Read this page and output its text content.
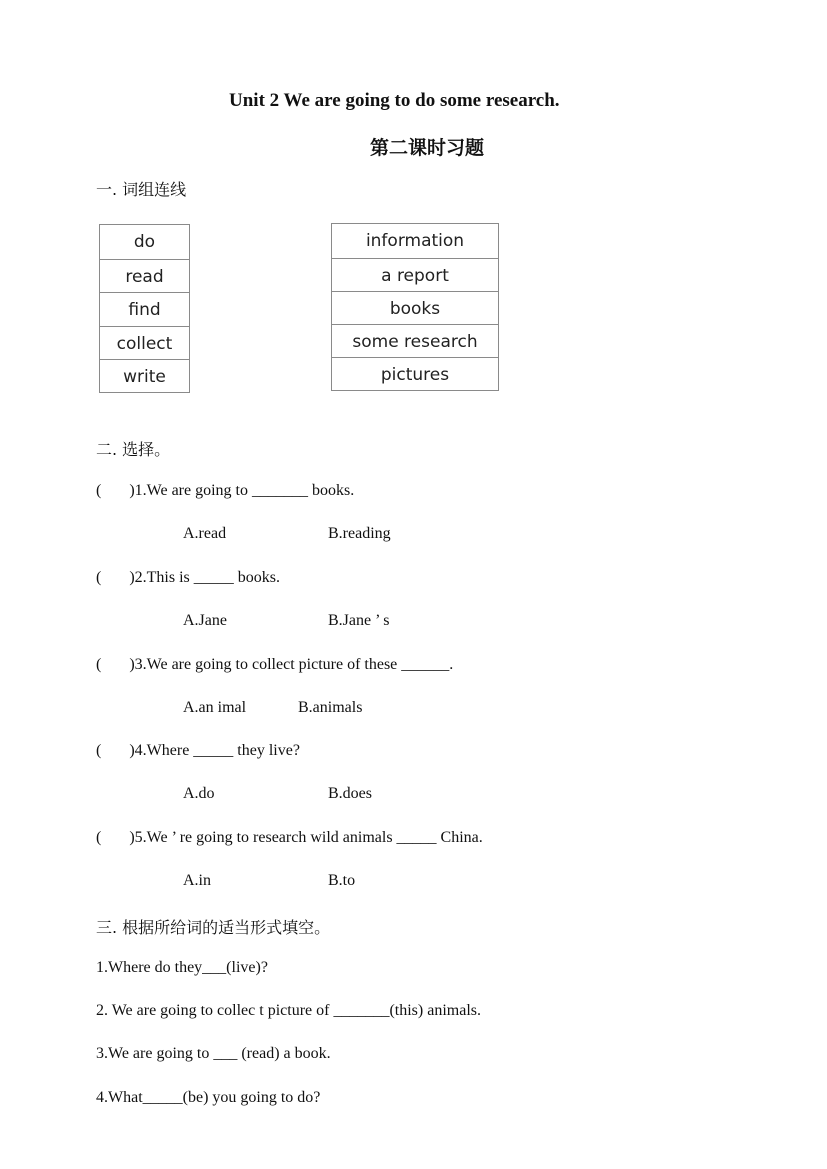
Unit 2 We are going to do some research.
第二课时习题
一. 词组连线
do
read
find
collect
write
information
a report
books
some research
pictures
二. 选择。
( )1.We are going to _______ books.
A.read	B.reading
( )2.This is _____ books.
A.Jane	B.Jane ’ s
( )3.We are going to collect picture of these ______.
A.an imal	B.animals
( )4.Where _____ they live?
A.do	B.does
( )5.We ’ re going to research wild animals _____ China.
A.in	B.to
三. 根据所给词的适当形式填空。
1.Where do they___(live)?
2. We are going to collec t picture of _______(this) animals.
3.We are going to ___ (read) a book.
4.What_____(be) you going to do?
